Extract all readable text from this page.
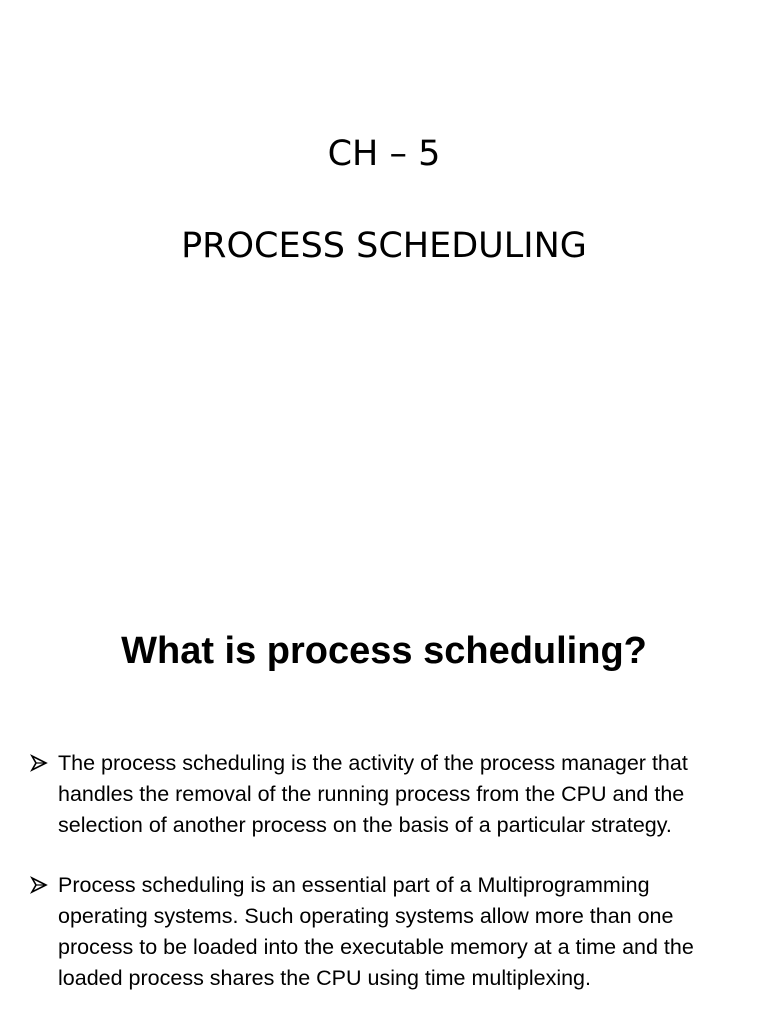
CH – 5
PROCESS SCHEDULING
What is process scheduling?
The process scheduling is the activity of the process manager that handles the removal of the running process from the CPU and the selection of another process on the basis of a particular strategy.
Process scheduling is an essential part of a Multiprogramming operating systems. Such operating systems allow more than one process to be loaded into the executable memory at a time and the loaded process shares the CPU using time multiplexing.
